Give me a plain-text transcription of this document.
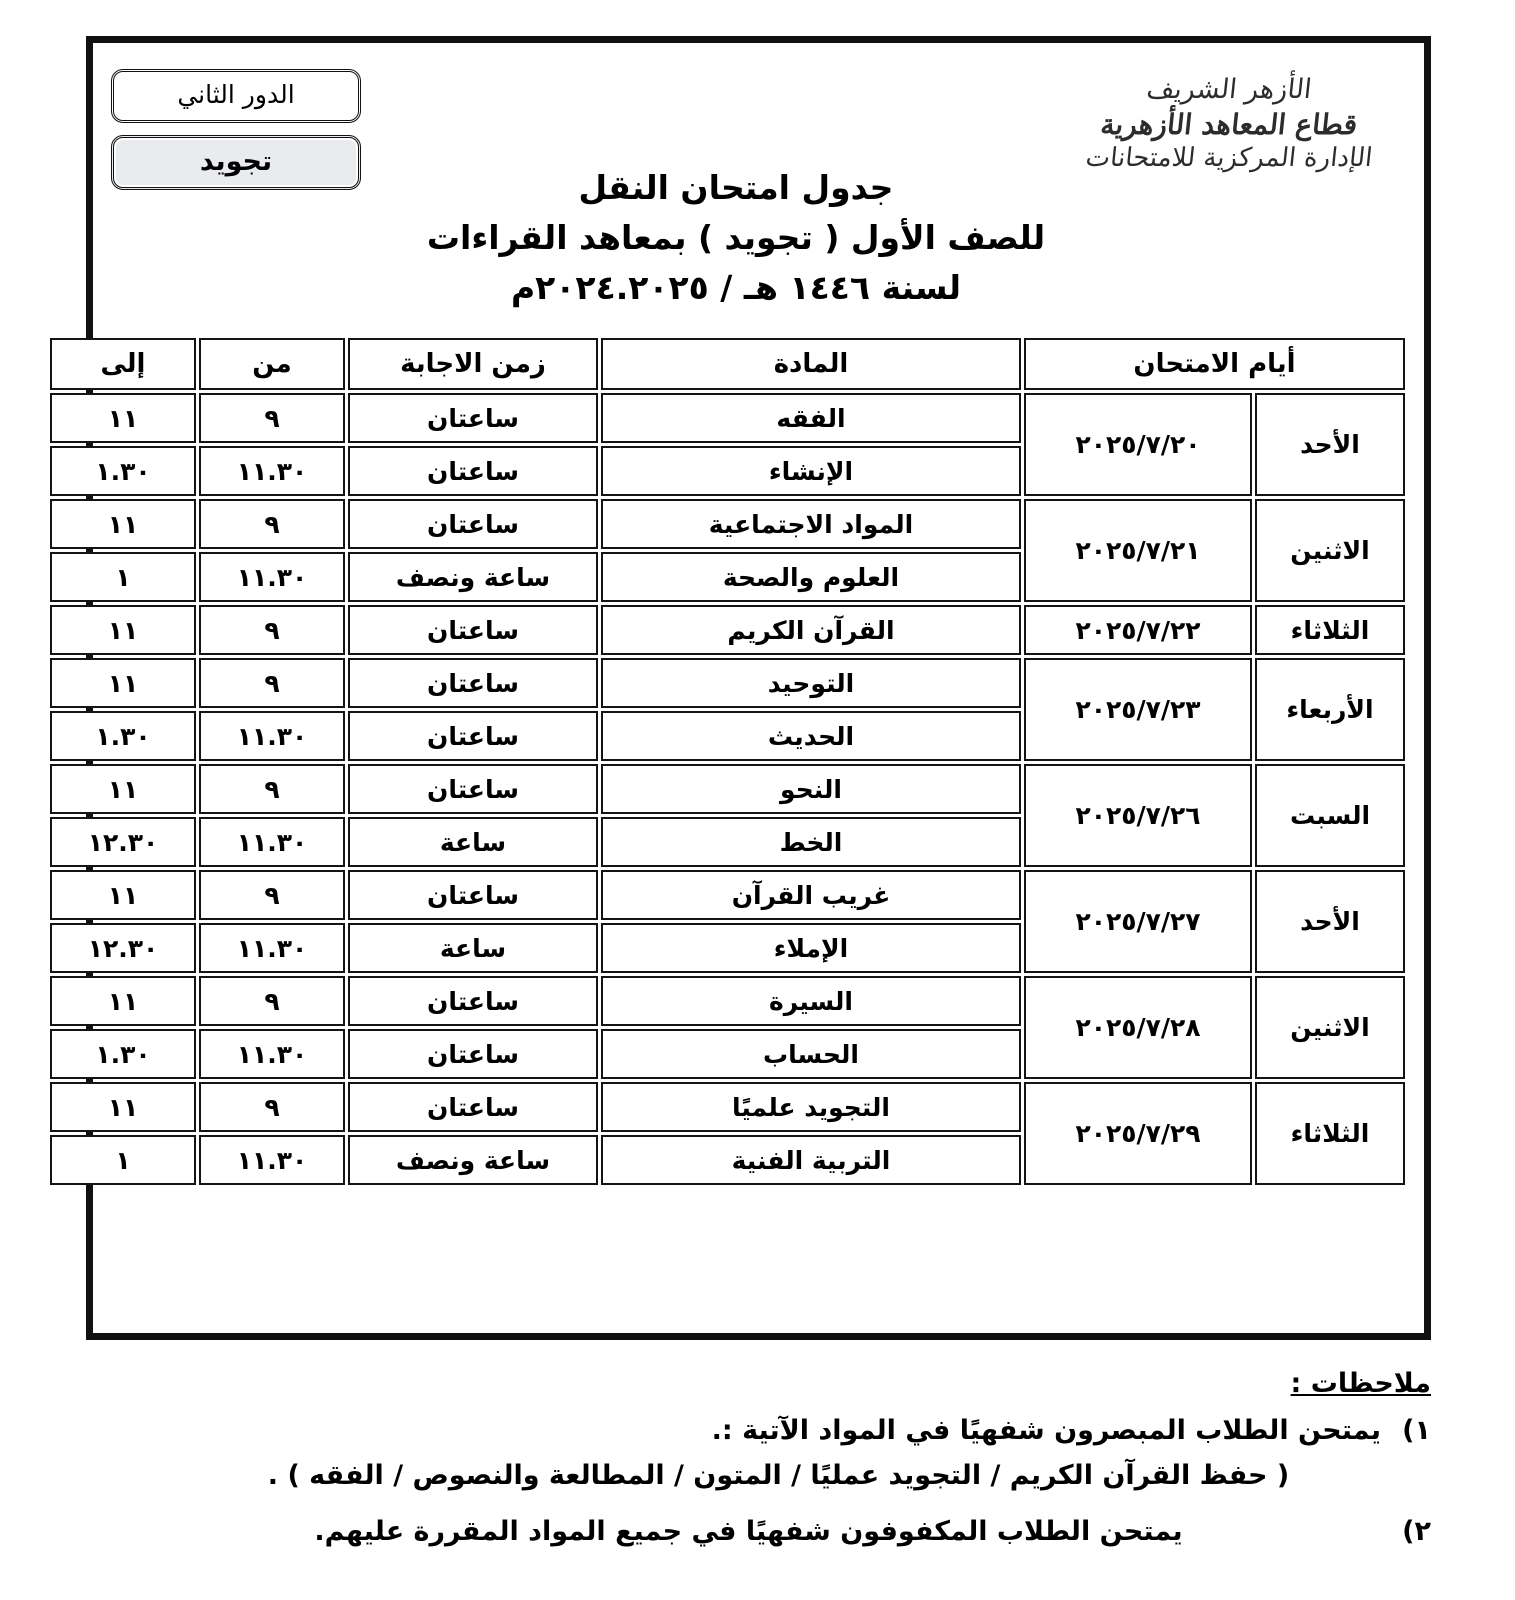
الدور الثاني
تجويد
الأزهر الشريف
قطاع المعاهد الأزهرية
الإدارة المركزية للامتحانات
جدول امتحان النقل
للصف الأول ( تجويد ) بمعاهد القراءات
لسنة ١٤٤٦ هـ / ٢٠٢٤.٢٠٢٥م
أيام الامتحان		المادة	زمن الاجابة	من	إلى
الأحد	٢٠٢٥/٧/٢٠	الفقه	ساعتان	٩	١١
		الإنشاء	ساعتان	١١.٣٠	١.٣٠
الاثنين	٢٠٢٥/٧/٢١	المواد الاجتماعية	ساعتان	٩	١١
		العلوم والصحة	ساعة ونصف	١١.٣٠	١
الثلاثاء	٢٠٢٥/٧/٢٢	القرآن الكريم	ساعتان	٩	١١
الأربعاء	٢٠٢٥/٧/٢٣	التوحيد	ساعتان	٩	١١
		الحديث	ساعتان	١١.٣٠	١.٣٠
السبت	٢٠٢٥/٧/٢٦	النحو	ساعتان	٩	١١
		الخط	ساعة	١١.٣٠	١٢.٣٠
الأحد	٢٠٢٥/٧/٢٧	غريب القرآن	ساعتان	٩	١١
		الإملاء	ساعة	١١.٣٠	١٢.٣٠
الاثنين	٢٠٢٥/٧/٢٨	السيرة	ساعتان	٩	١١
		الحساب	ساعتان	١١.٣٠	١.٣٠
الثلاثاء	٢٠٢٥/٧/٢٩	التجويد علميًا	ساعتان	٩	١١
		التربية الفنية	ساعة ونصف	١١.٣٠	١
ملاحظات :
١)
يمتحن الطلاب المبصرون شفهيًا في المواد الآتية :.
( حفظ القرآن الكريم / التجويد عمليًا / المتون / المطالعة والنصوص / الفقه ) .
٢)
يمتحن الطلاب المكفوفون شفهيًا في جميع المواد المقررة عليهم.
